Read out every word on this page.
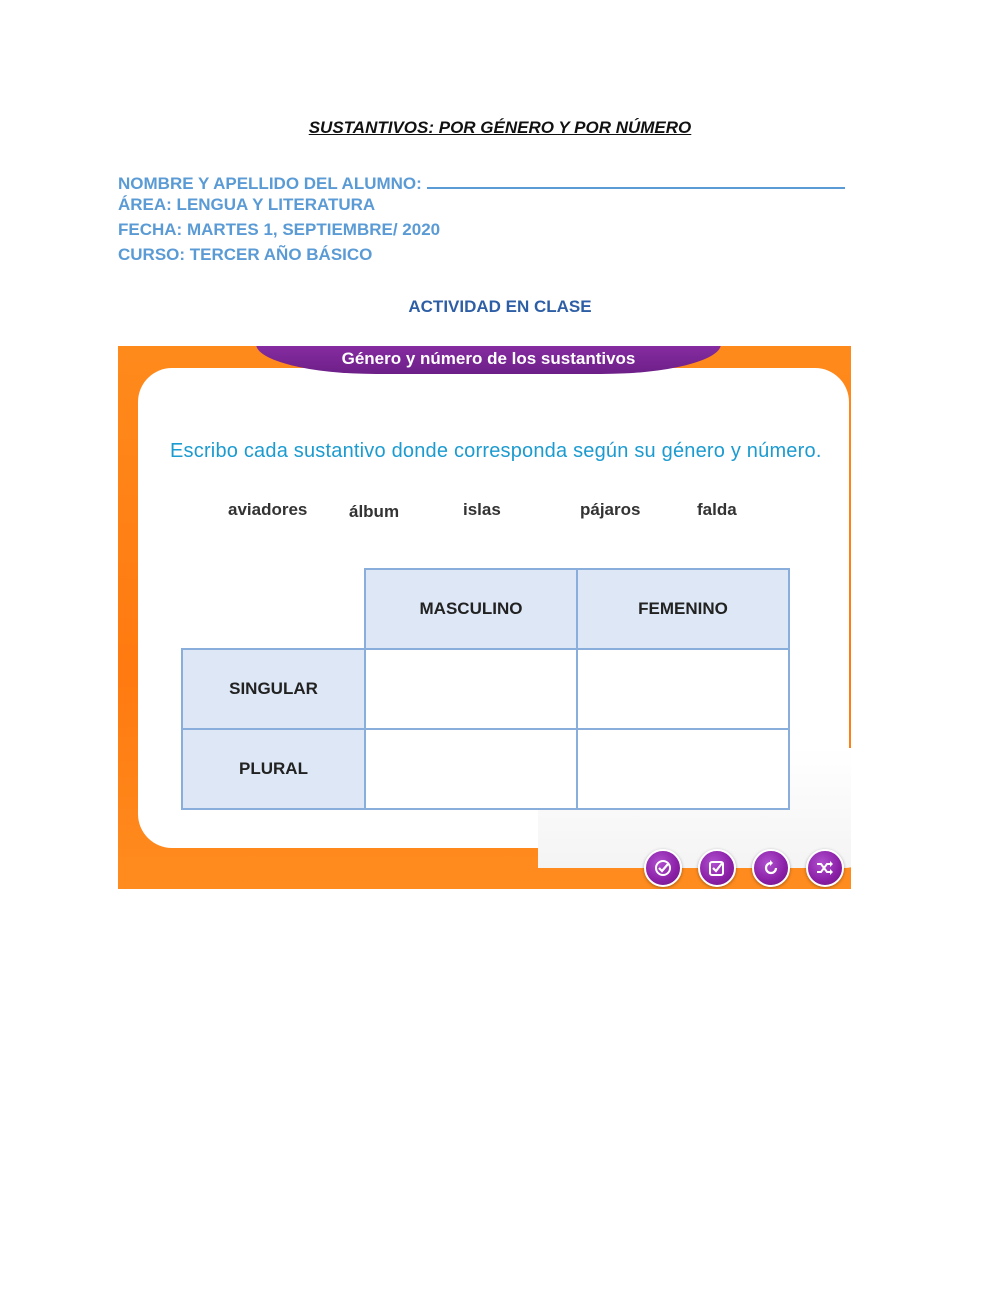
SUSTANTIVOS: POR GÉNERO Y POR NÚMERO
NOMBRE Y APELLIDO DEL ALUMNO:
ÁREA: LENGUA Y LITERATURA
FECHA: MARTES 1, SEPTIEMBRE/ 2020
CURSO: TERCER AÑO BÁSICO
ACTIVIDAD EN CLASE
Escribo cada sustantivo donde corresponda según su género y número.
aviadores álbum	islas	pájaros	falda
MASCULINO	FEMENINO
SINGULAR
PLURAL
Género y número de los sustantivos
